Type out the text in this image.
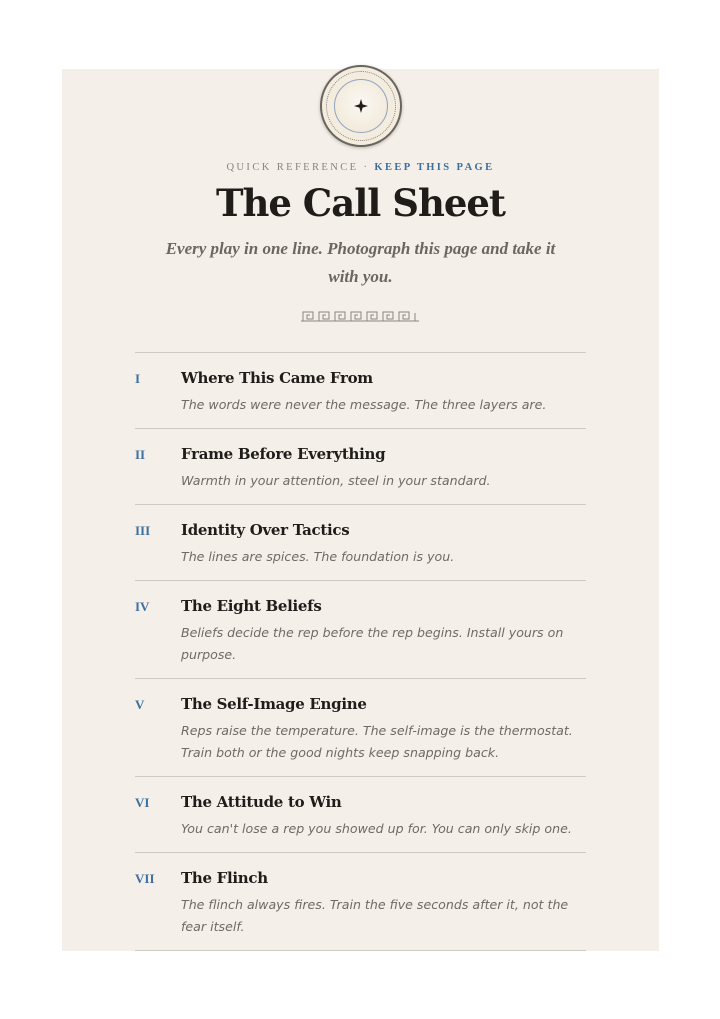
QUICK REFERENCE · KEEP THIS PAGE
The Call Sheet

Every play in one line. Photograph this page and take it with you.

I	Where This Came From
The words were never the message. The three layers are.
II	Frame Before Everything
Warmth in your attention, steel in your standard.
III	Identity Over Tactics
The lines are spices. The foundation is you.
IV	The Eight Beliefs
Beliefs decide the rep before the rep begins. Install yours on purpose.
V	The Self-Image Engine
Reps raise the temperature. The self-image is the thermostat. Train both or the good nights keep snapping back.
VI	The Attitude to Win
You can't lose a rep you showed up for. You can only skip one.
VII	The Flinch
The flinch always fires. Train the five seconds after it, not the fear itself.
